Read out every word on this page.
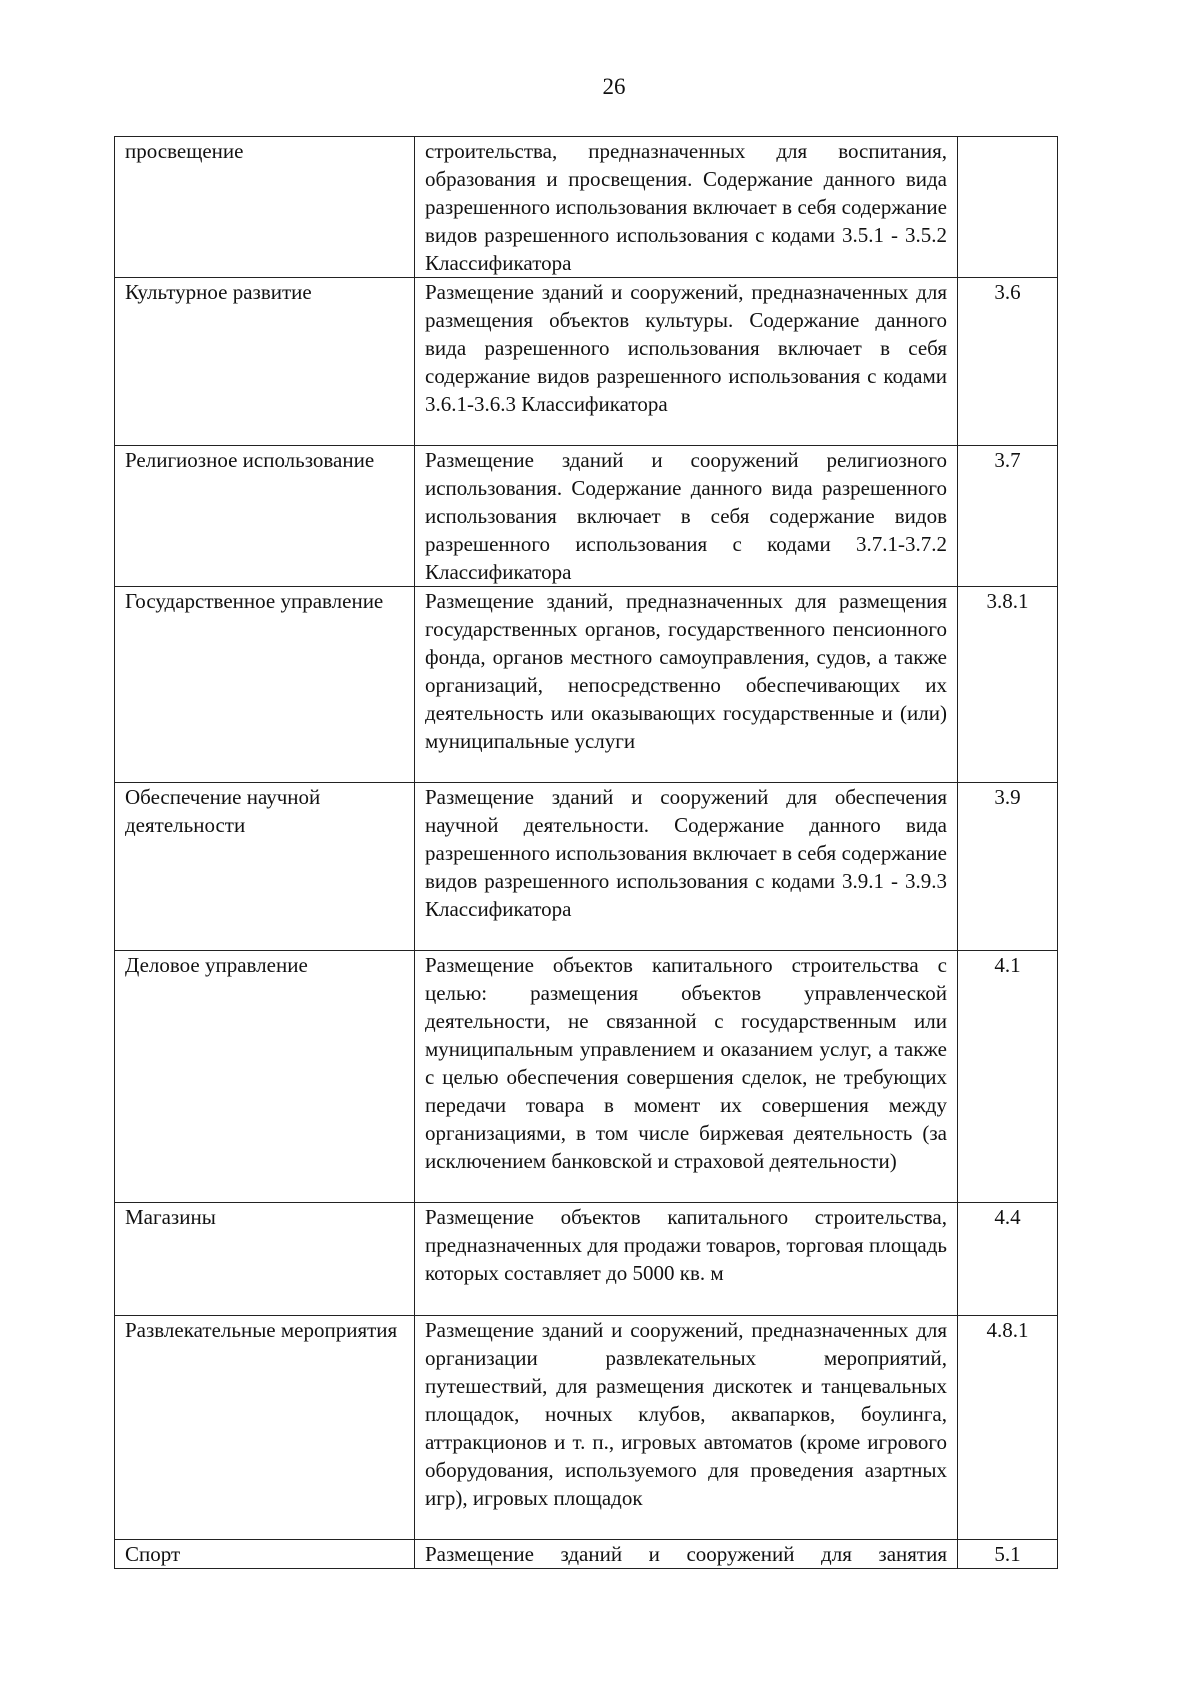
26
просвещение	строительства, предназначенных для воспитания, образования и просвещения. Содержание данного вида разрешенного использования включает в себя содержание видов разрешенного использования с кодами 3.5.1 - 3.5.2 Классификатора	
Культурное развитие	Размещение зданий и сооружений, предназначенных для размещения объектов культуры. Содержание данного вида разрешенного использования включает в себя содержание видов разрешенного использования с кодами 3.6.1-3.6.3 Классификатора	3.6
Религиозное использование	Размещение зданий и сооружений религиозного использования. Содержание данного вида разрешенного использования включает в себя содержание видов разрешенного использования с кодами 3.7.1-3.7.2 Классификатора	3.7
Государственное управление	Размещение зданий, предназначенных для размещения государственных органов, государственного пенсионного фонда, органов местного самоуправления, судов, а также организаций, непосредственно обеспечивающих их деятельность или оказывающих государственные и (или) муниципальные услуги	3.8.1
Обеспечение научной деятельности	Размещение зданий и сооружений для обеспечения научной деятельности. Содержание данного вида разрешенного использования включает в себя содержание видов разрешенного использования с кодами 3.9.1 - 3.9.3 Классификатора	3.9
Деловое управление	Размещение объектов капитального строительства с целью: размещения объектов управленческой деятельности, не связанной с государственным или муниципальным управлением и оказанием услуг, а также с целью обеспечения совершения сделок, не требующих передачи товара в момент их совершения между организациями, в том числе биржевая деятельность (за исключением банковской и страховой деятельности)	4.1
Магазины	Размещение объектов капитального строительства, предназначенных для продажи товаров, торговая площадь которых составляет до 5000 кв. м	4.4
Развлекательные мероприятия	Размещение зданий и сооружений, предназначенных для организации развлекательных мероприятий, путешествий, для размещения дискотек и танцевальных площадок, ночных клубов, аквапарков, боулинга, аттракционов и т. п., игровых автоматов (кроме игрового оборудования, используемого для проведения азартных игр), игровых площадок	4.8.1
Спорт	Размещение зданий и сооружений для занятия	5.1
